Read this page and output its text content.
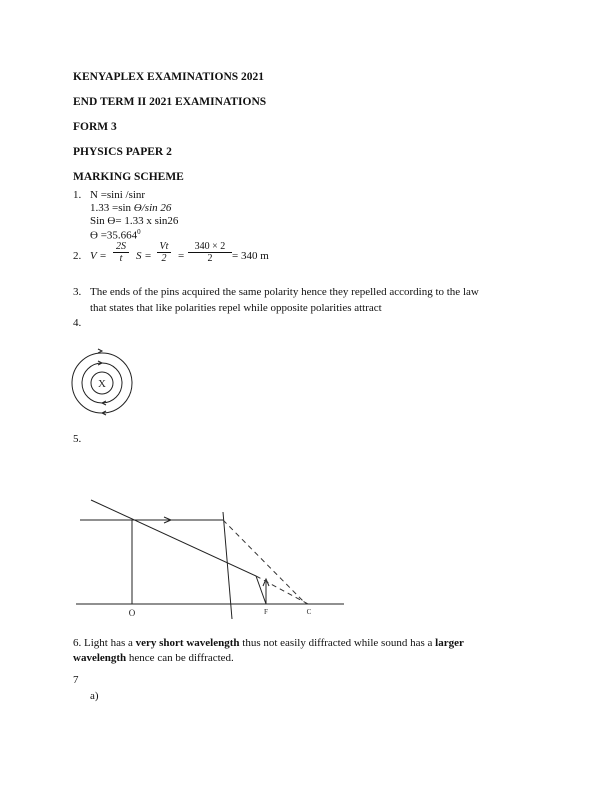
KENYAPLEX EXAMINATIONS 2021
END TERM II 2021 EXAMINATIONS
FORM 3
PHYSICS PAPER 2
MARKING SCHEME
1. N =sini /sinr
1.33 =sin Ө/sin 26
Sin Ө= 1.33 x sin26
$Ө =35.664^0$
2. $V = \frac{2S}{t}$ $S = \frac{Vt}{2} = \frac{340 \times 2}{2} = 340$ m
3. The ends of the pins acquired the same polarity hence they repelled according to the law
that states that like polarities repel while opposite polarities attract
4.
X
5.
O	F	C
6. Light has a very short wavelength thus not easily diffracted while sound has a larger
wavelength hence can be diffracted.
7
a)
